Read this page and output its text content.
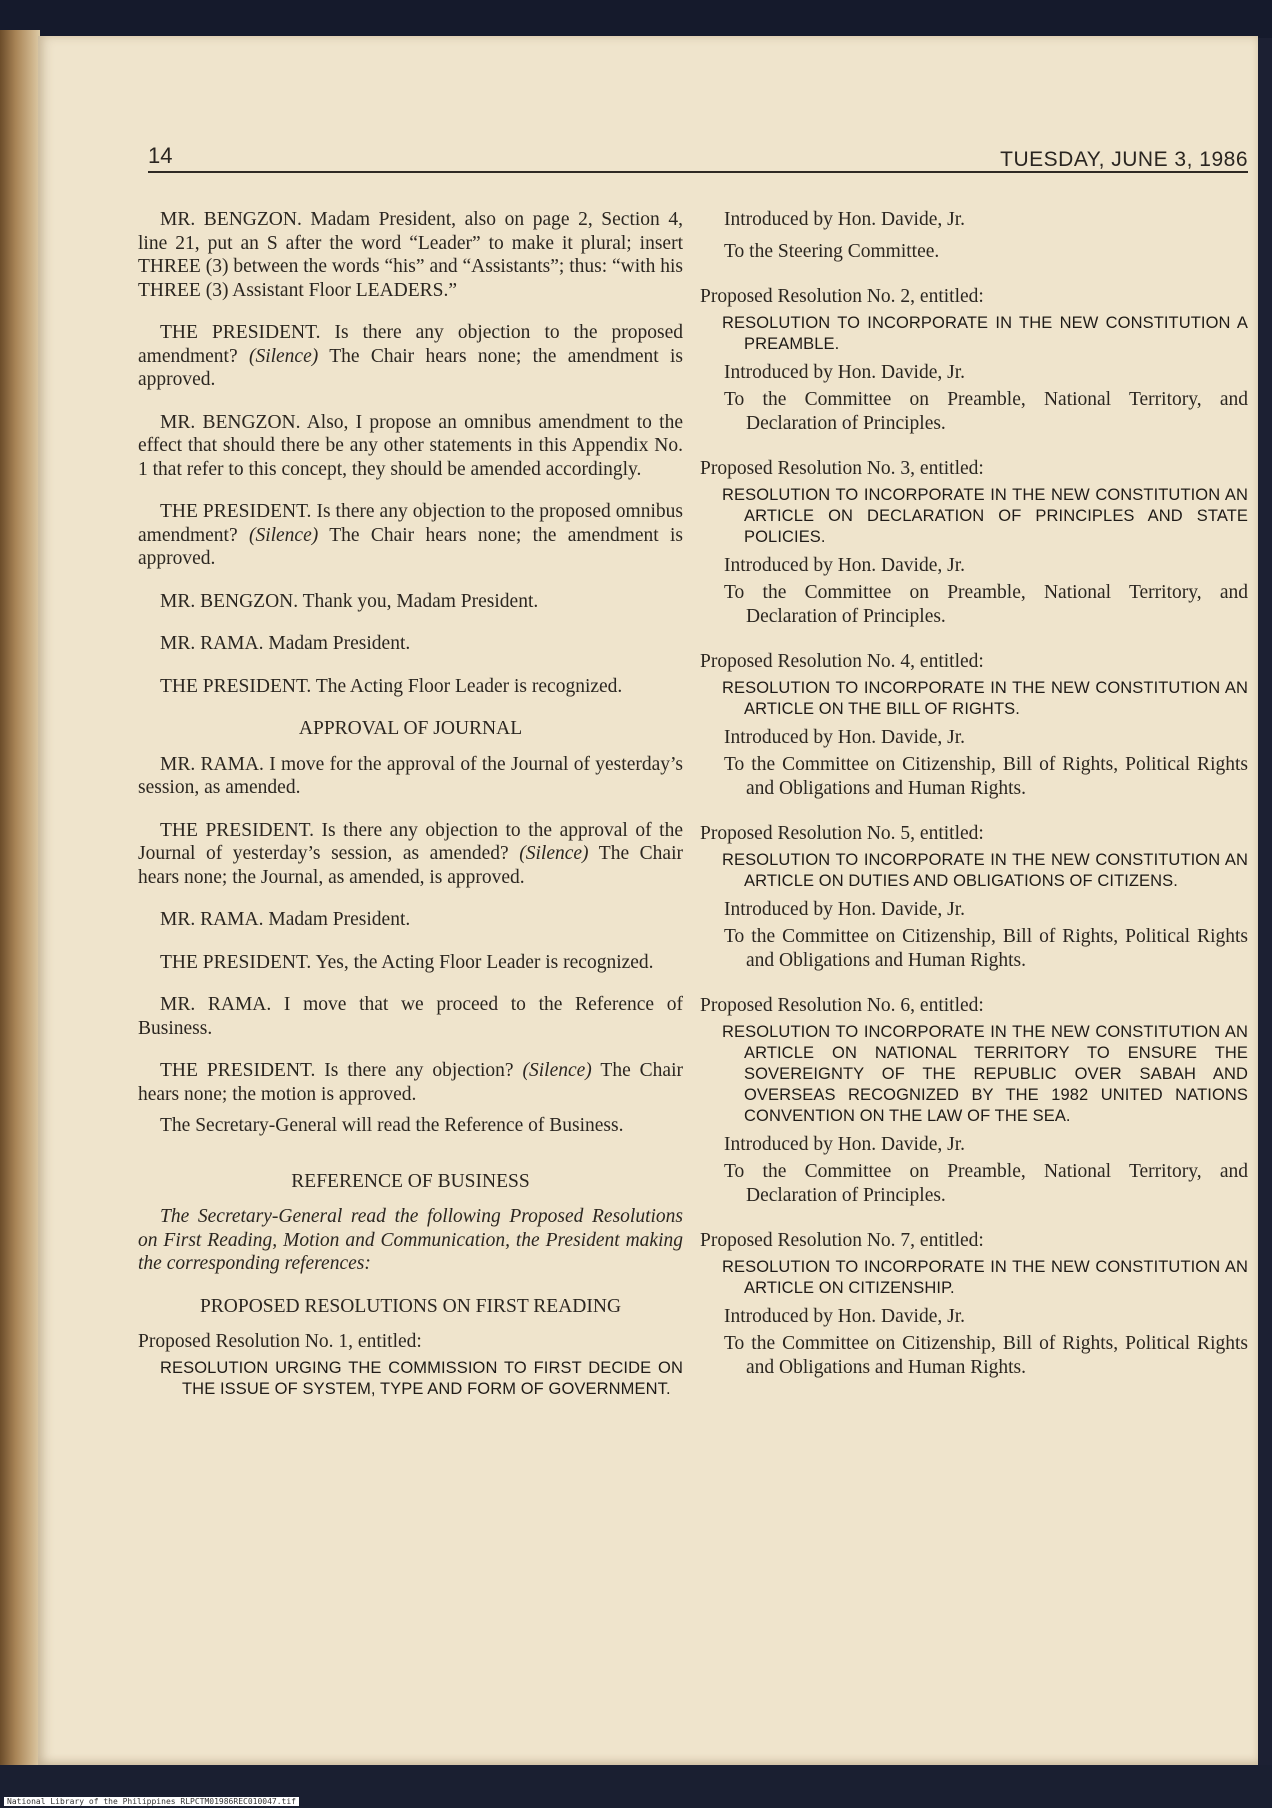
14	TUESDAY, JUNE 3, 1986

MR. BENGZON. Madam President, also on page 2, Section 4, line 21, put an S after the word “Leader” to make it plural; insert THREE (3) between the words “his” and “Assistants”; thus: “with his THREE (3) Assistant Floor LEADERS.”

THE PRESIDENT. Is there any objection to the proposed amendment? (Silence) The Chair hears none; the amendment is approved.

MR. BENGZON. Also, I propose an omnibus amendment to the effect that should there be any other statements in this Appendix No. 1 that refer to this concept, they should be amended accordingly.

THE PRESIDENT. Is there any objection to the proposed omnibus amendment? (Silence) The Chair hears none; the amendment is approved.

MR. BENGZON. Thank you, Madam President.

MR. RAMA. Madam President.

THE PRESIDENT. The Acting Floor Leader is recognized.

APPROVAL OF JOURNAL

MR. RAMA. I move for the approval of the Journal of yesterday’s session, as amended.

THE PRESIDENT. Is there any objection to the approval of the Journal of yesterday’s session, as amended? (Silence) The Chair hears none; the Journal, as amended, is approved.

MR. RAMA. Madam President.

THE PRESIDENT. Yes, the Acting Floor Leader is recognized.

MR. RAMA. I move that we proceed to the Reference of Business.

THE PRESIDENT. Is there any objection? (Silence) The Chair hears none; the motion is approved.

The Secretary-General will read the Reference of Business.

REFERENCE OF BUSINESS

The Secretary-General read the following Proposed Resolutions on First Reading, Motion and Communication, the President making the corresponding references:

PROPOSED RESOLUTIONS ON FIRST READING

Proposed Resolution No. 1, entitled:

RESOLUTION URGING THE COMMISSION TO FIRST DECIDE ON THE ISSUE OF SYSTEM, TYPE AND FORM OF GOVERNMENT.

Introduced by Hon. Davide, Jr.

To the Steering Committee.

Proposed Resolution No. 2, entitled:

RESOLUTION TO INCORPORATE IN THE NEW CONSTITUTION A PREAMBLE.

Introduced by Hon. Davide, Jr.

To the Committee on Preamble, National Territory, and Declaration of Principles.

Proposed Resolution No. 3, entitled:

RESOLUTION TO INCORPORATE IN THE NEW CONSTITUTION AN ARTICLE ON DECLARATION OF PRINCIPLES AND STATE POLICIES.

Introduced by Hon. Davide, Jr.

To the Committee on Preamble, National Territory, and Declaration of Principles.

Proposed Resolution No. 4, entitled:

RESOLUTION TO INCORPORATE IN THE NEW CONSTITUTION AN ARTICLE ON THE BILL OF RIGHTS.

Introduced by Hon. Davide, Jr.

To the Committee on Citizenship, Bill of Rights, Political Rights and Obligations and Human Rights.

Proposed Resolution No. 5, entitled:

RESOLUTION TO INCORPORATE IN THE NEW CONSTITUTION AN ARTICLE ON DUTIES AND OBLIGATIONS OF CITIZENS.

Introduced by Hon. Davide, Jr.

To the Committee on Citizenship, Bill of Rights, Political Rights and Obligations and Human Rights.

Proposed Resolution No. 6, entitled:

RESOLUTION TO INCORPORATE IN THE NEW CONSTITUTION AN ARTICLE ON NATIONAL TERRITORY TO ENSURE THE SOVEREIGNTY OF THE REPUBLIC OVER SABAH AND OVERSEAS RECOGNIZED BY THE 1982 UNITED NATIONS CONVENTION ON THE LAW OF THE SEA.

Introduced by Hon. Davide, Jr.

To the Committee on Preamble, National Territory, and Declaration of Principles.

Proposed Resolution No. 7, entitled:

RESOLUTION TO INCORPORATE IN THE NEW CONSTITUTION AN ARTICLE ON CITIZENSHIP.

Introduced by Hon. Davide, Jr.

To the Committee on Citizenship, Bill of Rights, Political Rights and Obligations and Human Rights.

National Library of the Philippines RLPCTM01986REC010047.tif
